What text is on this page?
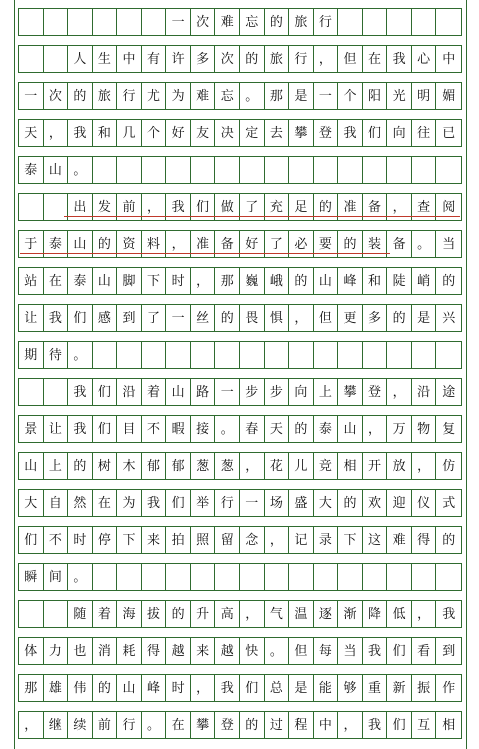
一 次 难 忘 的 旅 行
人 生 中 有 许 多 次 的 旅 行 ， 但 在 我 心 中
一 次 的 旅 行 尤 为 难 忘 。 那 是 一 个 阳 光 明 媚
天 ， 我 和 几 个 好 友 决 定 去 攀 登 我 们 向 往 已
泰 山 。
出 发 前 ， 我 们 做 了 充 足 的 准 备 ， 查 阅
于 泰 山 的 资 料 ， 准 备 好 了 必 要 的 装 备 。 当
站 在 泰 山 脚 下 时 ， 那 巍 峨 的 山 峰 和 陡 峭 的
让 我 们 感 到 了 一 丝 的 畏 惧 ， 但 更 多 的 是 兴
期 待 。
我 们 沿 着 山 路 一 步 步 向 上 攀 登 ， 沿 途
景 让 我 们 目 不 暇 接 。 春 天 的 泰 山 ， 万 物 复
山 上 的 树 木 郁 郁 葱 葱 ， 花 儿 竞 相 开 放 ， 仿
大 自 然 在 为 我 们 举 行 一 场 盛 大 的 欢 迎 仪 式
们 不 时 停 下 来 拍 照 留 念 ， 记 录 下 这 难 得 的
瞬 间 。
随 着 海 拔 的 升 高 ， 气 温 逐 渐 降 低 ， 我
体 力 也 消 耗 得 越 来 越 快 。 但 每 当 我 们 看 到
那 雄 伟 的 山 峰 时 ， 我 们 总 是 能 够 重 新 振 作
， 继 续 前 行 。 在 攀 登 的 过 程 中 ， 我 们 互 相
